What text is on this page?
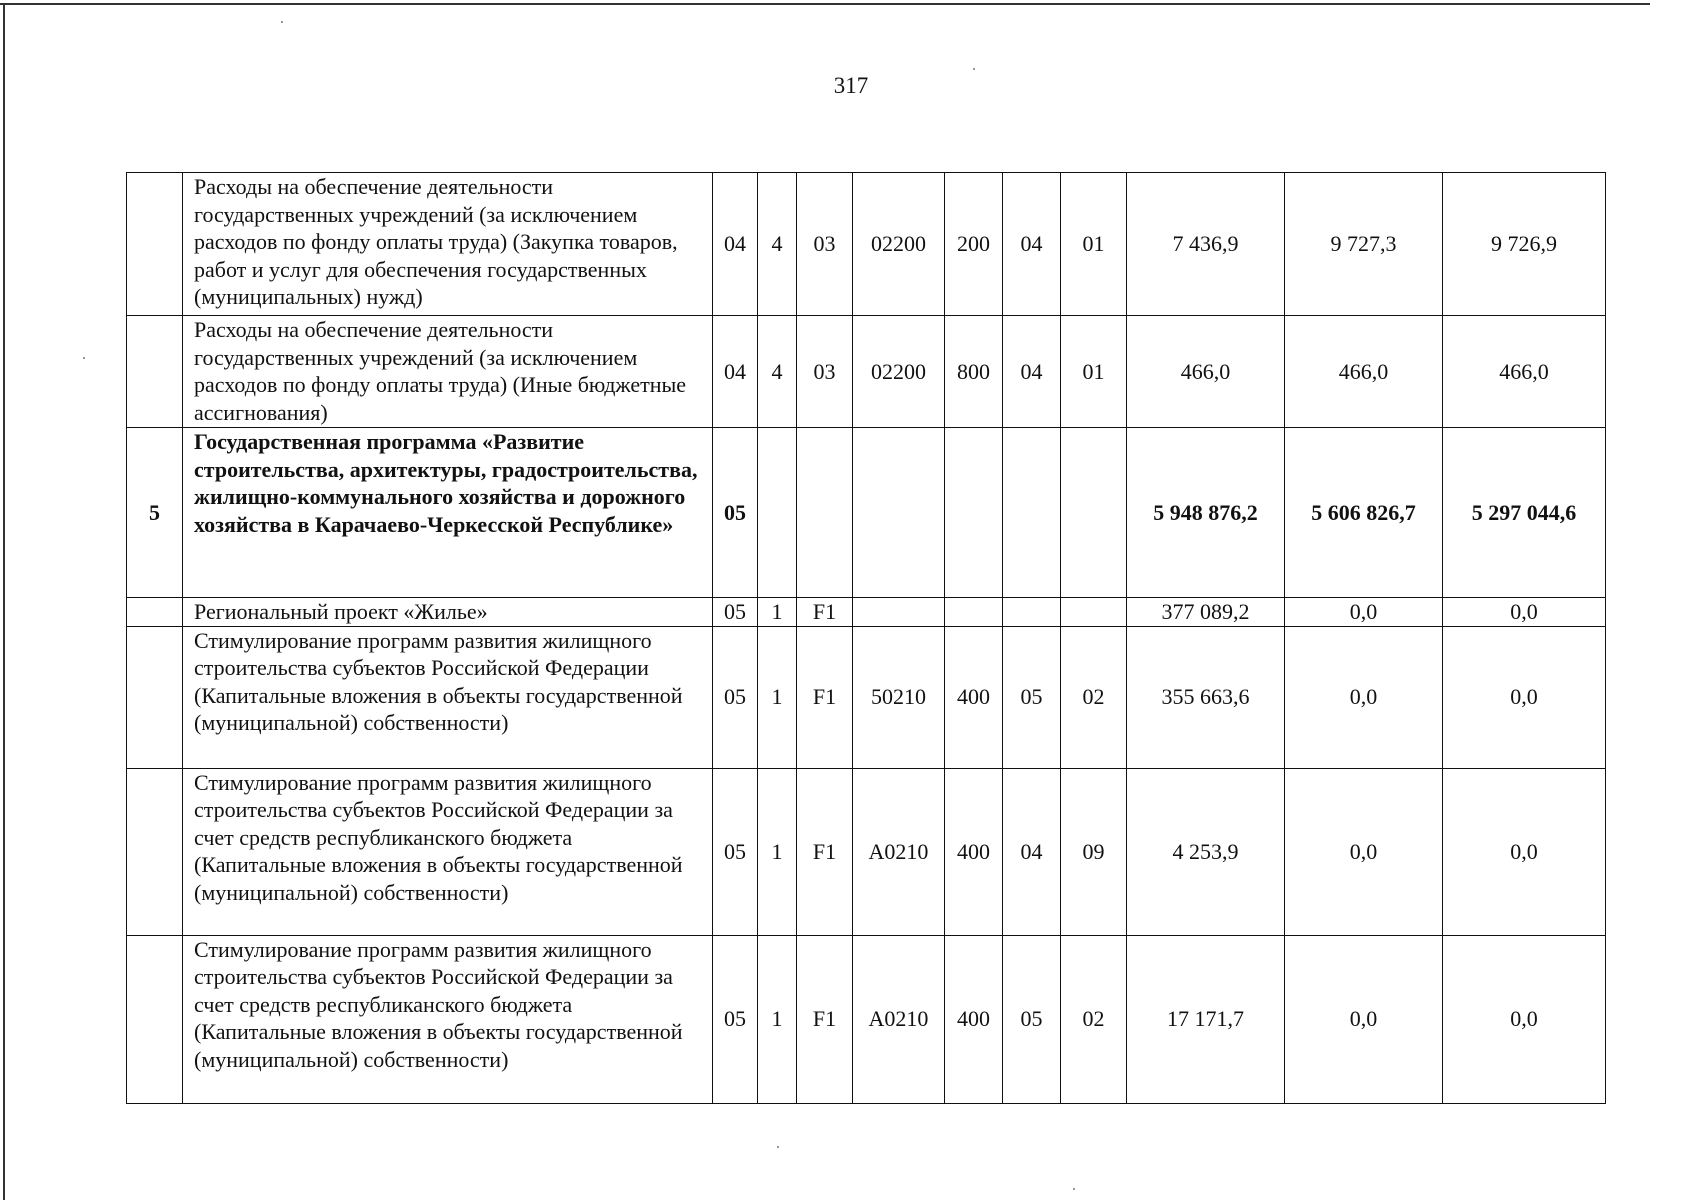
317
	Расходы на обеспечение деятельности государственных учреждений (за исключением расходов по фонду оплаты труда) (Закупка товаров, работ и услуг для обеспечения государственных (муниципальных) нужд)	04	4	03	02200	200	04	01	7 436,9	9 727,3	9 726,9
	Расходы на обеспечение деятельности государственных учреждений (за исключением расходов по фонду оплаты труда) (Иные бюджетные ассигнования)	04	4	03	02200	800	04	01	466,0	466,0	466,0
5	Государственная программа «Развитие строительства, архитектуры, градостроительства, жилищно-коммунального хозяйства и дорожного хозяйства в Карачаево-Черкесской Республике»	05							5 948 876,2	5 606 826,7	5 297 044,6
	Региональный проект «Жилье»	05	1	F1					377 089,2	0,0	0,0
	Стимулирование программ развития жилищного строительства субъектов Российской Федерации (Капитальные вложения в объекты государственной (муниципальной) собственности)	05	1	F1	50210	400	05	02	355 663,6	0,0	0,0
	Стимулирование программ развития жилищного строительства субъектов Российской Федерации за счет средств республиканского бюджета (Капитальные вложения в объекты государственной (муниципальной) собственности)	05	1	F1	A0210	400	04	09	4 253,9	0,0	0,0
	Стимулирование программ развития жилищного строительства субъектов Российской Федерации за счет средств республиканского бюджета (Капитальные вложения в объекты государственной (муниципальной) собственности)	05	1	F1	A0210	400	05	02	17 171,7	0,0	0,0
